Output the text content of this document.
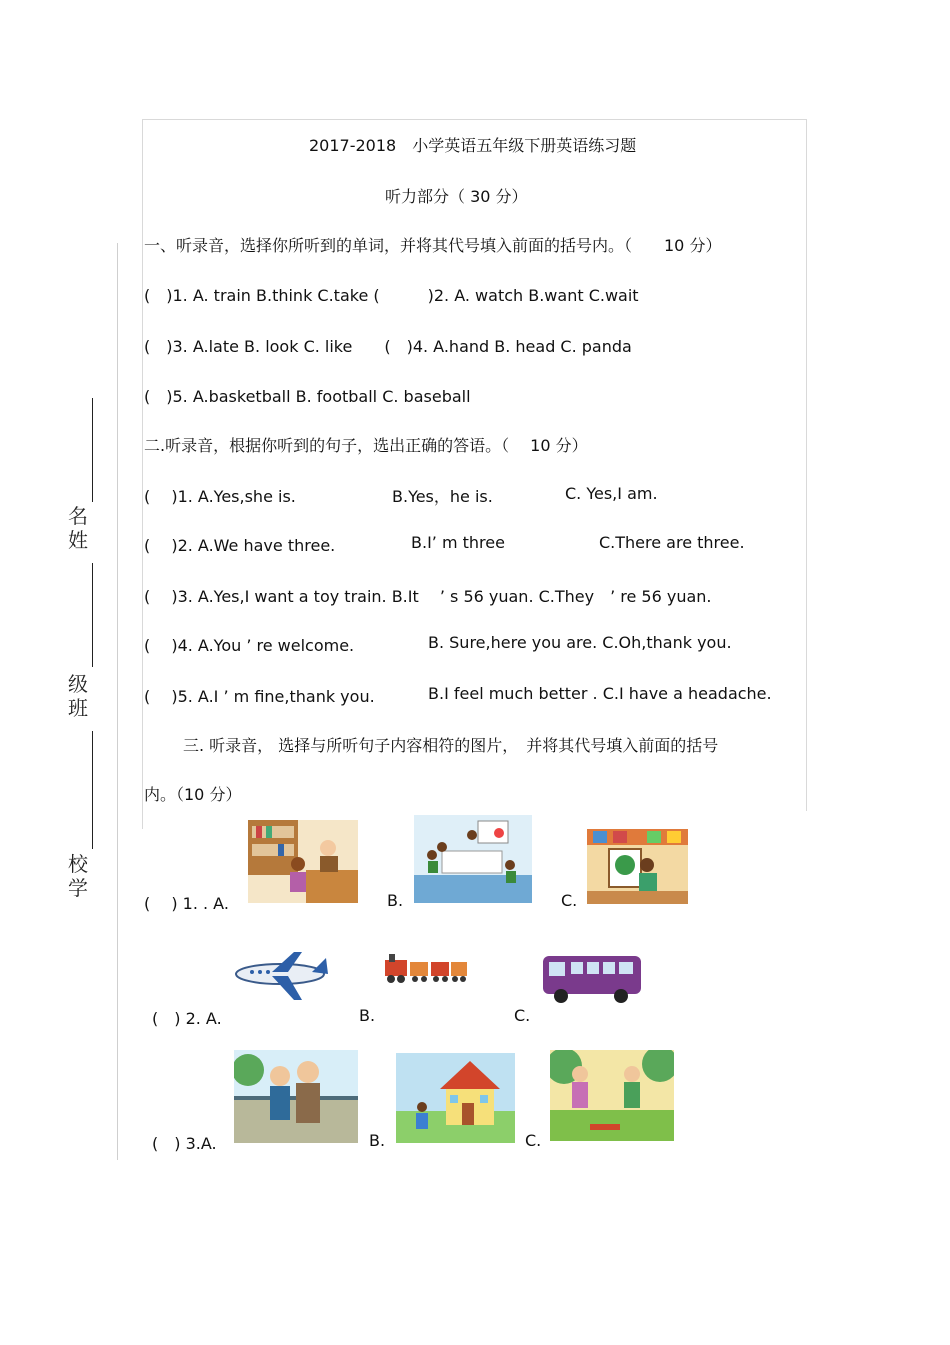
名
姓
级
班
校
学
2017-2018　小学英语五年级下册英语练习题
听力部分（ 30 分）
一、听录音，选择你所听到的单词，并将其代号填入前面的括号内。（　　10 分）
(　)1. A. train B.think C.take (　　　)2. A. watch B.want C.wait
(　)3. A.late B. look C. like　　(　)4. A.hand B. head C. panda
(　)5. A.basketball B. football C. baseball
二.听录音，根据你听到的句子，选出正确的答语。（　 10 分）
(　 )1. A.Yes,she is.	B.Yes，he is.	C. Yes,I am.
(　 )2. A.We have three.	B.I’ m three	C.There are three.
(　 )3. A.Yes,I want a toy train. B.It　 ’ s 56 yuan. C.They　’ re 56 yuan.
(　 )4. A.You ’ re welcome.	B. Sure,here you are. C.Oh,thank you.
(　 )5. A.I ’ m fine,thank you.	B.I feel much better . C.I have a headache.
三. 听录音， 选择与所听句子内容相符的图片，　并将其代号填入前面的括号
内。（10 分）
(　 ) 1. . A.	B.	C.
(　) 2. A.	B.	C.
(　) 3.A.	B.	C.
